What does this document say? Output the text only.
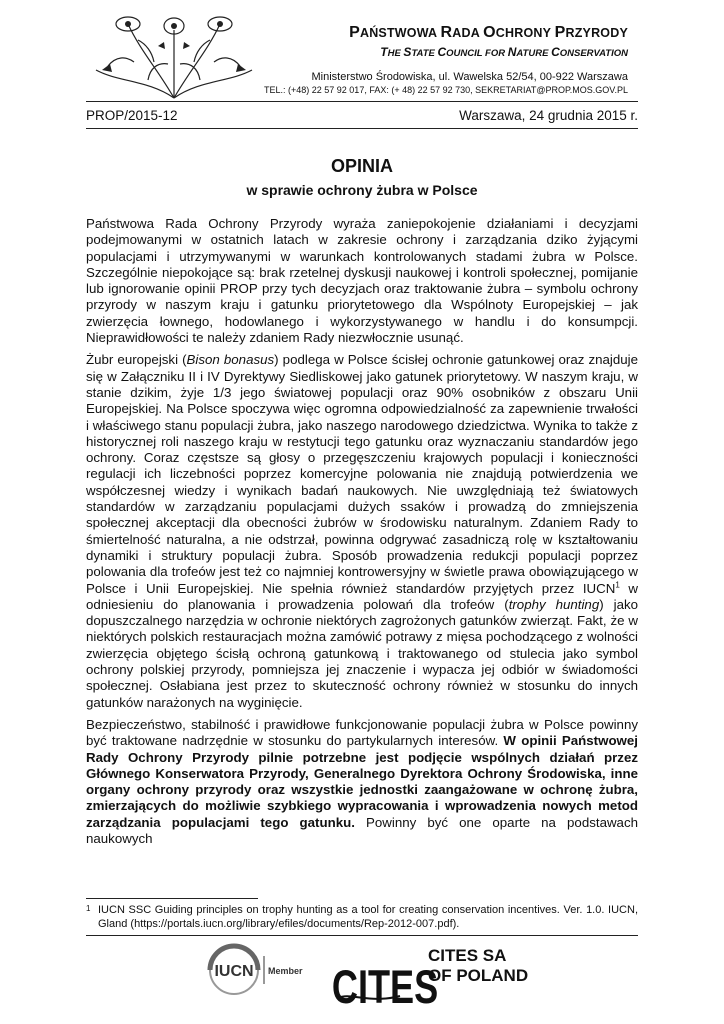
PAŃSTWOWA RADA OCHRONY PRZYRODY
THE STATE COUNCIL FOR NATURE CONSERVATION
Ministerstwo Środowiska, ul. Wawelska 52/54, 00-922 Warszawa
TEL.: (+48) 22 57 92 017, FAX: (+ 48) 22 57 92 730, SEKRETARIAT@PROP.MOS.GOV.PL
PROP/2015-12	Warszawa, 24 grudnia 2015 r.
OPINIA
w sprawie ochrony żubra w Polsce

Państwowa Rada Ochrony Przyrody wyraża zaniepokojenie działaniami i decyzjami podejmowanymi w ostatnich latach w zakresie ochrony i zarządzania dziko żyjącymi populacjami i utrzymywanymi w warunkach kontrolowanych stadami żubra w Polsce. Szczególnie niepokojące są: brak rzetelnej dyskusji naukowej i kontroli społecznej, pomijanie lub ignorowanie opinii PROP przy tych decyzjach oraz traktowanie żubra – symbolu ochrony przyrody w naszym kraju i gatunku priorytetowego dla Wspólnoty Europejskiej – jak zwierzęcia łownego, hodowlanego i wykorzystywanego w handlu i do konsumpcji. Nieprawidłowości te należy zdaniem Rady niezwłocznie usunąć.

Żubr europejski (Bison bonasus) podlega w Polsce ścisłej ochronie gatunkowej oraz znajduje się w Załączniku II i IV Dyrektywy Siedliskowej jako gatunek priorytetowy. W naszym kraju, w stanie dzikim, żyje 1/3 jego światowej populacji oraz 90% osobników z obszaru Unii Europejskiej. Na Polsce spoczywa więc ogromna odpowiedzialność za zapewnienie trwałości i właściwego stanu populacji żubra, jako naszego narodowego dziedzictwa. Wynika to także z historycznej roli naszego kraju w restytucji tego gatunku oraz wyznaczaniu standardów jego ochrony. Coraz częstsze są głosy o przegęszczeniu krajowych populacji i konieczności regulacji ich liczebności poprzez komercyjne polowania nie znajdują potwierdzenia we współczesnej wiedzy i wynikach badań naukowych. Nie uwzględniają też światowych standardów w zarządzaniu populacjami dużych ssaków i prowadzą do zmniejszenia społecznej akceptacji dla obecności żubrów w środowisku naturalnym. Zdaniem Rady to śmiertelność naturalna, a nie odstrzał, powinna odgrywać zasadniczą rolę w kształtowaniu dynamiki i struktury populacji żubra. Sposób prowadzenia redukcji populacji poprzez polowania dla trofeów jest też co najmniej kontrowersyjny w świetle prawa obowiązującego w Polsce i Unii Europejskiej. Nie spełnia również standardów przyjętych przez IUCN$^1$ w odniesieniu do planowania i prowadzenia polowań dla trofeów (trophy hunting) jako dopuszczalnego narzędzia w ochronie niektórych zagrożonych gatunków zwierząt. Fakt, że w niektórych polskich restauracjach można zamówić potrawy z mięsa pochodzącego z wolności zwierzęcia objętego ścisłą ochroną gatunkową i traktowanego od stulecia jako symbol ochrony polskiej przyrody, pomniejsza jej znaczenie i wypacza jej odbiór w świadomości społecznej. Osłabiana jest przez to skuteczność ochrony również w stosunku do innych gatunków narażonych na wyginięcie.

Bezpieczeństwo, stabilność i prawidłowe funkcjonowanie populacji żubra w Polsce powinny być traktowane nadrzędnie w stosunku do partykularnych interesów. W opinii Państwowej Rady Ochrony Przyrody pilnie potrzebne jest podjęcie wspólnych działań przez Głównego Konserwatora Przyrody, Generalnego Dyrektora Ochrony Środowiska, inne organy ochrony przyrody oraz wszystkie jednostki zaangażowane w ochronę żubra, zmierzających do możliwie szybkiego wypracowania i wprowadzenia nowych metod zarządzania populacjami tego gatunku. Powinny być one oparte na podstawach naukowych

1 IUCN SSC Guiding principles on trophy hunting as a tool for creating conservation incentives. Ver. 1.0. IUCN, Gland (https://portals.iucn.org/library/efiles/documents/Rep-2012-007.pdf).
IUCN Member CITES
CITES SA
OF POLAND
